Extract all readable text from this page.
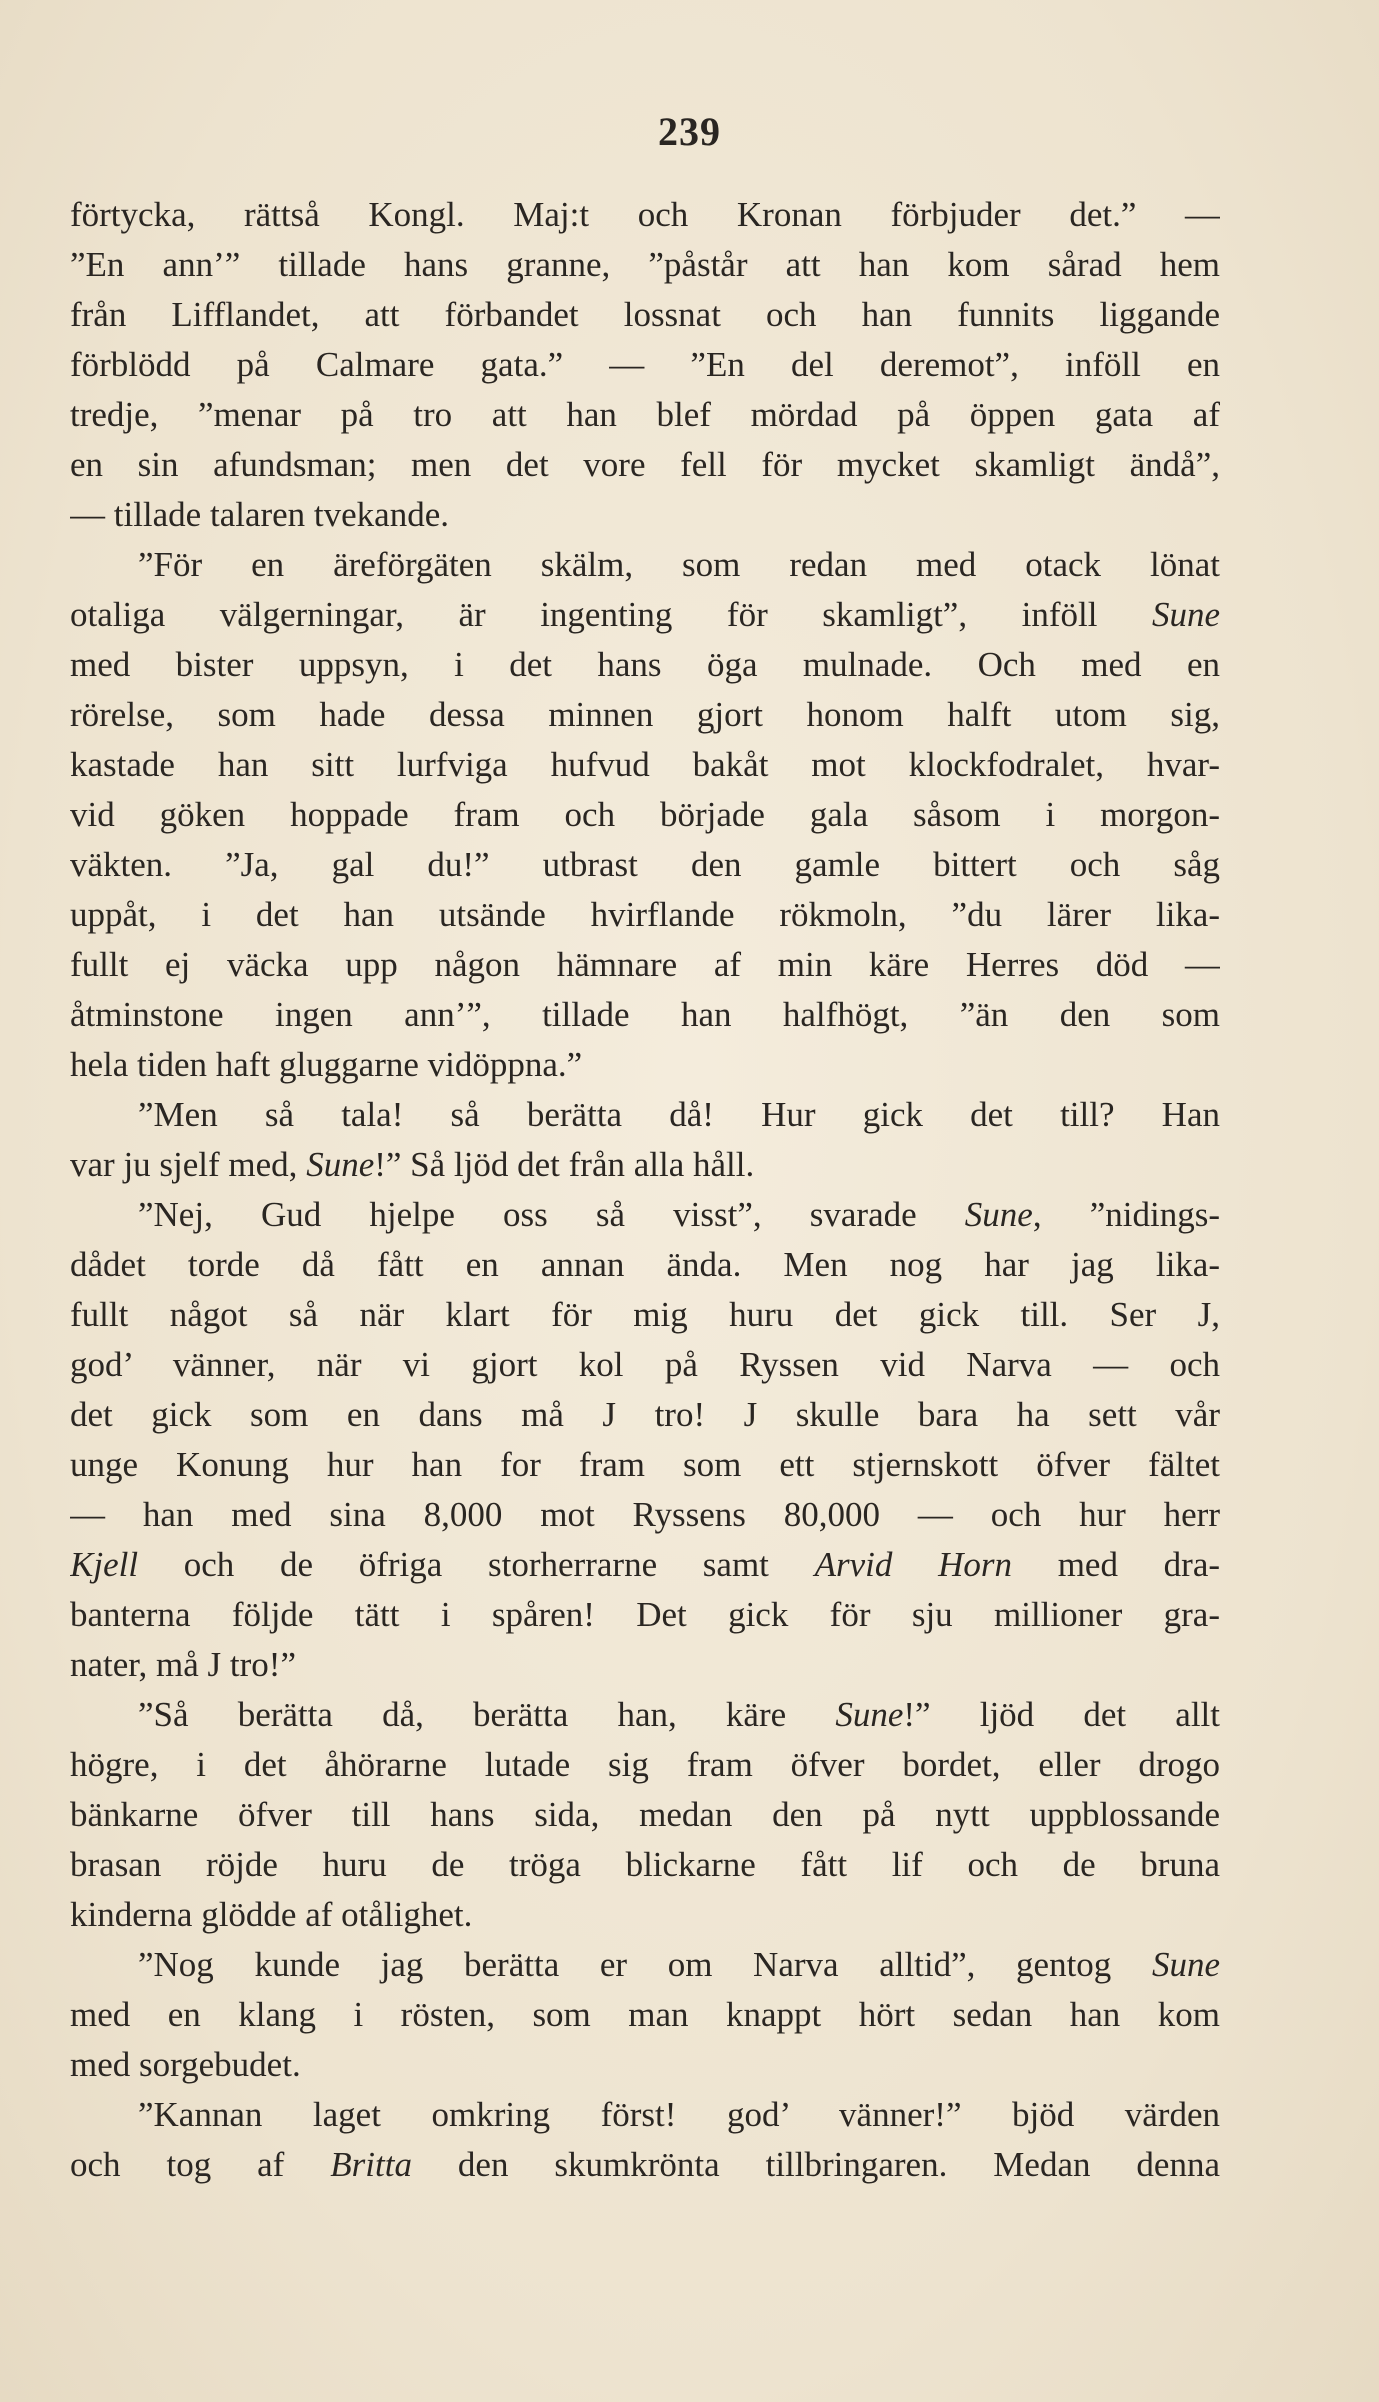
239
förtycka, rättså Kongl. Maj:t och Kronan förbjuder det.” —
”En ann’” tillade hans granne, ”påstår att han kom sårad hem
från Lifflandet, att förbandet lossnat och han funnits liggande
förblödd på Calmare gata.” — ”En del deremot”, inföll en
tredje, ”menar på tro att han blef mördad på öppen gata af
en sin afundsman; men det vore fell för mycket skamligt ändå”,
— tillade talaren tvekande.
”För en äreförgäten skälm, som redan med otack lönat
otaliga välgerningar, är ingenting för skamligt”, inföll Sune
med bister uppsyn, i det hans öga mulnade. Och med en
rörelse, som hade dessa minnen gjort honom halft utom sig,
kastade han sitt lurfviga hufvud bakåt mot klockfodralet, hvar-
vid göken hoppade fram och började gala såsom i morgon-
väkten. ”Ja, gal du!” utbrast den gamle bittert och såg
uppåt, i det han utsände hvirflande rökmoln, ”du lärer lika-
fullt ej väcka upp någon hämnare af min käre Herres död —
åtminstone ingen ann’”, tillade han halfhögt, ”än den som
hela tiden haft gluggarne vidöppna.”
”Men så tala! så berätta då! Hur gick det till? Han
var ju sjelf med, Sune!” Så ljöd det från alla håll.
”Nej, Gud hjelpe oss så visst”, svarade Sune, ”nidings-
dådet torde då fått en annan ända. Men nog har jag lika-
fullt något så när klart för mig huru det gick till. Ser J,
god’ vänner, när vi gjort kol på Ryssen vid Narva — och
det gick som en dans må J tro! J skulle bara ha sett vår
unge Konung hur han for fram som ett stjernskott öfver fältet
— han med sina 8,000 mot Ryssens 80,000 — och hur herr
Kjell och de öfriga storherrarne samt Arvid Horn med dra-
banterna följde tätt i spåren! Det gick för sju millioner gra-
nater, må J tro!”
”Så berätta då, berätta han, käre Sune!” ljöd det allt
högre, i det åhörarne lutade sig fram öfver bordet, eller drogo
bänkarne öfver till hans sida, medan den på nytt uppblossande
brasan röjde huru de tröga blickarne fått lif och de bruna
kinderna glödde af otålighet.
”Nog kunde jag berätta er om Narva alltid”, gentog Sune
med en klang i rösten, som man knappt hört sedan han kom
med sorgebudet.
”Kannan laget omkring först! god’ vänner!” bjöd värden
och tog af Britta den skumkrönta tillbringaren. Medan denna
